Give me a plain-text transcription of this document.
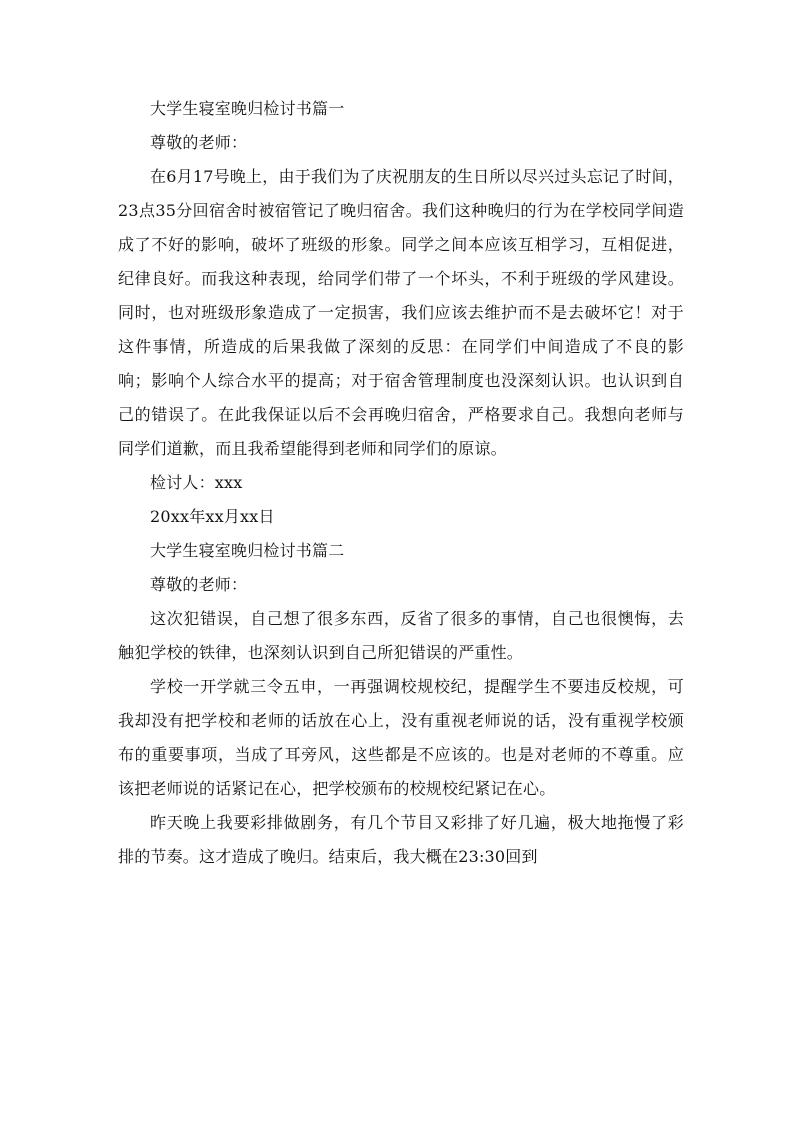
大学生寝室晚归检讨书篇一
尊敬的老师：

在6月17号晚上，由于我们为了庆祝朋友的生日所以尽兴过头忘记了时间，23点35分回宿舍时被宿管记了晚归宿舍。我们这种晚归的行为在学校同学间造成了不好的影响，破坏了班级的形象。同学之间本应该互相学习，互相促进，纪律良好。而我这种表现，给同学们带了一个坏头，不利于班级的学风建设。同时，也对班级形象造成了一定损害，我们应该去维护而不是去破坏它！对于这件事情，所造成的后果我做了深刻的反思：在同学们中间造成了不良的影响；影响个人综合水平的提高；对于宿舍管理制度也没深刻认识。也认识到自己的错误了。在此我保证以后不会再晚归宿舍，严格要求自己。我想向老师与同学们道歉，而且我希望能得到老师和同学们的原谅。

检讨人：xxx
20xx年xx月xx日
大学生寝室晚归检讨书篇二
尊敬的老师：

这次犯错误，自己想了很多东西，反省了很多的事情，自己也很懊悔，去触犯学校的铁律，也深刻认识到自己所犯错误的严重性。

学校一开学就三令五申，一再强调校规校纪，提醒学生不要违反校规，可我却没有把学校和老师的话放在心上，没有重视老师说的话，没有重视学校颁布的重要事项，当成了耳旁风，这些都是不应该的。也是对老师的不尊重。应该把老师说的话紧记在心，把学校颁布的校规校纪紧记在心。

昨天晚上我要彩排做剧务，有几个节目又彩排了好几遍，极大地拖慢了彩排的节奏。这才造成了晚归。结束后，我大概在23:30回到
